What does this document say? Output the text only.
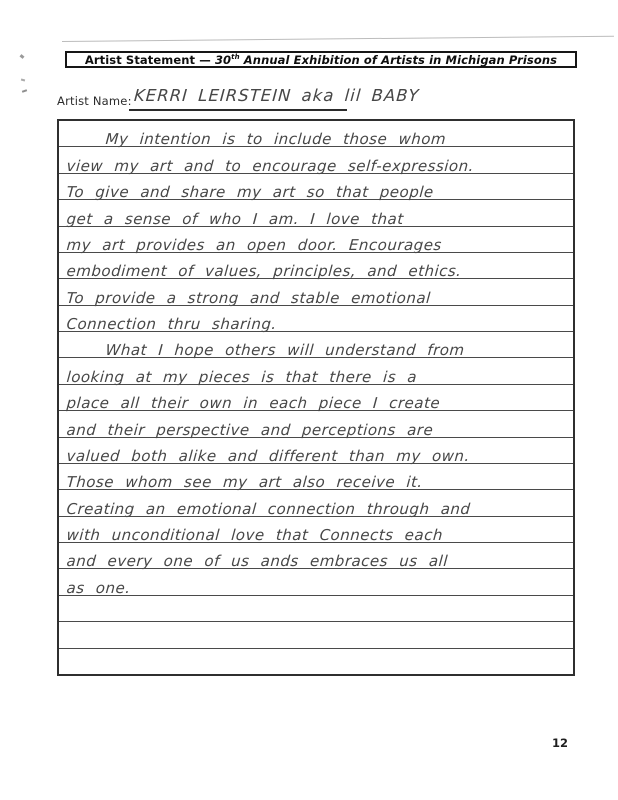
Artist Statement — 30th Annual Exhibition of Artists in Michigan Prisons
Artist Name: KERRI LEIRSTEIN aka lil BABY
My intention is to include those whom
view my art and to encourage self-expression.
To give and share my art so that people
get a sense of who I am. I love that
my art provides an open door. Encourages
embodiment of values, principles, and ethics.
To provide a strong and stable emotional
Connection thru sharing.
What I hope others will understand from
looking at my pieces is that there is a
place all their own in each piece I create
and their perspective and perceptions are
valued both alike and different than my own.
Those whom see my art also receive it.
Creating an emotional connection through and
with unconditional love that Connects each
and every one of us ands embraces us all
as one.
12
